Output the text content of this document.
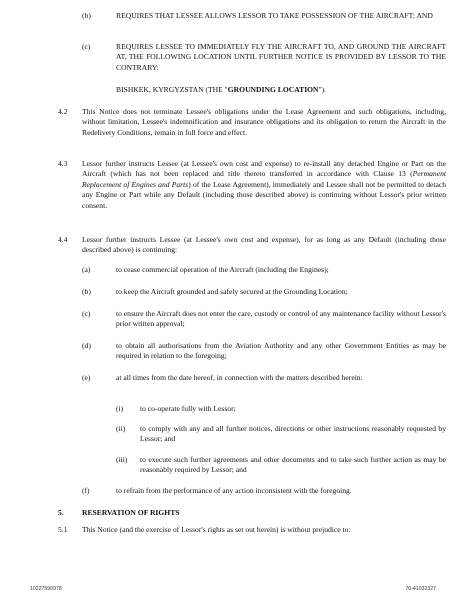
(b)	REQUIRES THAT LESSEE ALLOWS LESSOR TO TAKE POSSESSION OF THE AIRCRAFT; AND
(c)	REQUIRES LESSEE TO IMMEDIATELY FLY THE AIRCRAFT TO, AND GROUND THE AIRCRAFT AT, THE FOLLOWING LOCATION UNTIL FURTHER NOTICE IS PROVIDED BY LESSOR TO THE CONTRARY:
BISHKEK, KYRGYZSTAN (THE "GROUNDING LOCATION").
4.2 This Notice does not terminate Lessee's obligations under the Lease Agreement and such obligations, including, without limitation, Lessee's indemnification and insurance obligations and its obligation to return the Aircraft in the Redelivery Conditions, remain in full force and effect.
4.3 Lessor further instructs Lessee (at Lessee's own cost and expense) to re-install any detached Engine or Part on the Aircraft (which has not been replaced and title thereto transferred in accordance with Clause 13 (Permanent Replacement of Engines and Parts) of the Lease Agreement), immediately and Lessee shall not be permitted to detach any Engine or Part while any Default (including those described above) is continuing without Lessor's prior written consent.
4.4 Lessor further instructs Lessee (at Lessee's own cost and expense), for as long as any Default (including those described above) is continuing:
(a)	to cease commercial operation of the Aircraft (including the Engines);
(b)	to keep the Aircraft grounded and safely secured at the Grounding Location;
(c)	to ensure the Aircraft does not enter the care, custody or control of any maintenance facility without Lessor's prior written approval;
(d)	to obtain all authorisations from the Aviation Authority and any other Government Entities as may be required in relation to the foregoing;
(e)	at all times from the date hereof, in connection with the matters described herein:
(i) to co-operate fully with Lessor;
(ii) to comply with any and all further notices, directions or other instructions reasonably requested by Lessor; and
(iii) to execute such further agreements and other documents and to take such further action as may be reasonably required by Lessor; and
(f)	to refrain from the performance of any action inconsistent with the foregoing.
5. RESERVATION OF RIGHTS
5.1 This Notice (and the exercise of Lessor's rights as set out herein) is without prejudice to:
10227590978	70-41032327
